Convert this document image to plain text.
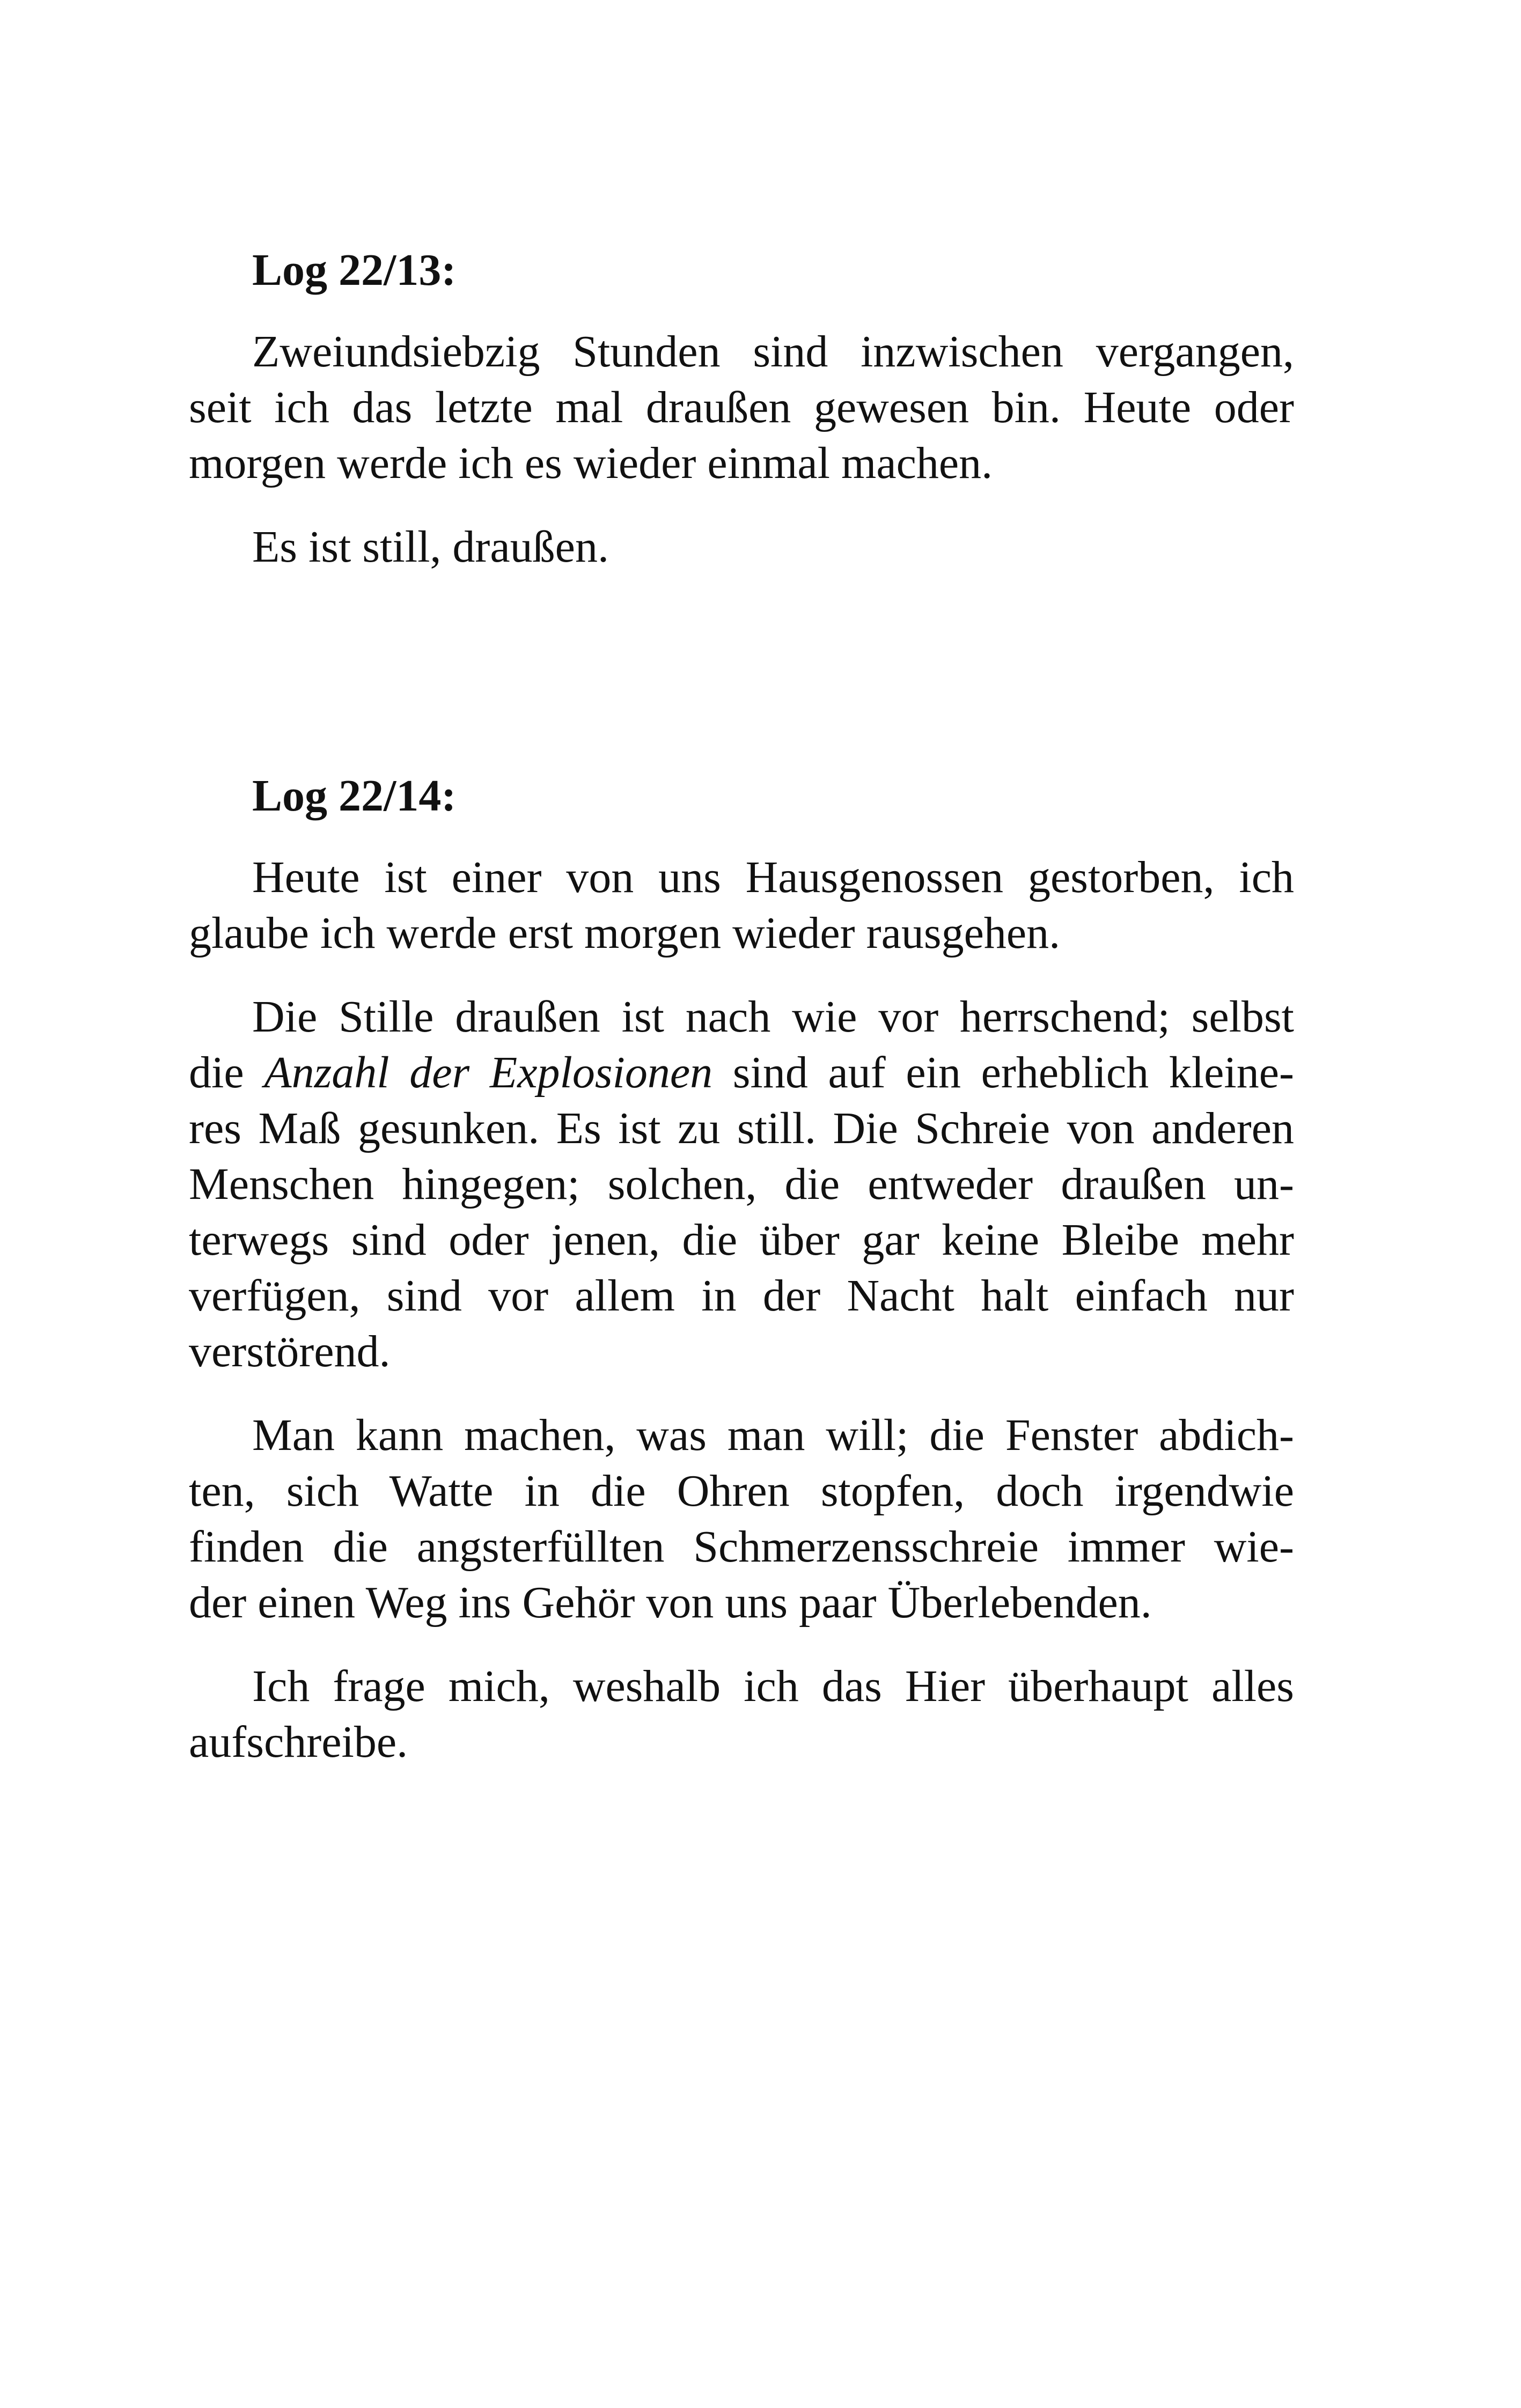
Log 22/13:

Zweiundsiebzig Stunden sind inzwischen vergangen,
seit ich das letzte mal draußen gewesen bin. Heute oder
morgen werde ich es wieder einmal machen.

Es ist still, draußen.

Log 22/14:

Heute ist einer von uns Hausgenossen gestorben, ich
glaube ich werde erst morgen wieder rausgehen.

Die Stille draußen ist nach wie vor herrschend; selbst
die Anzahl der Explosionen sind auf ein erheblich kleine-
res Maß gesunken. Es ist zu still. Die Schreie von anderen
Menschen hingegen; solchen, die entweder draußen un-
terwegs sind oder jenen, die über gar keine Bleibe mehr
verfügen, sind vor allem in der Nacht halt einfach nur
verstörend.

Man kann machen, was man will; die Fenster abdich-
ten, sich Watte in die Ohren stopfen, doch irgendwie
finden die angsterfüllten Schmerzensschreie immer wie-
der einen Weg ins Gehör von uns paar Überlebenden.

Ich frage mich, weshalb ich das Hier überhaupt alles
aufschreibe.
